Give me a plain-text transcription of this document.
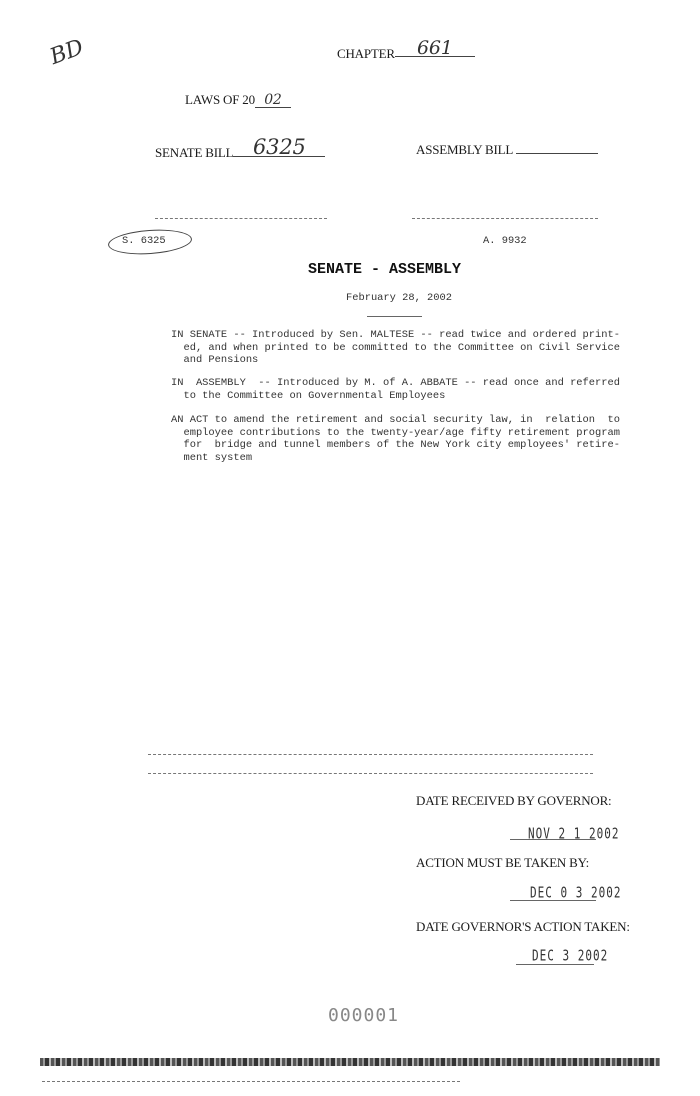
BD	CHAPTER 661
LAWS OF 20 02
SENATE BILL 6325	ASSEMBLY BILL
S. 6325	A. 9932
SENATE - ASSEMBLY
February 28, 2002
IN SENATE -- Introduced by Sen. MALTESE -- read twice and ordered print-
ed, and when printed to be committed to the Committee on Civil Service
and Pensions
IN  ASSEMBLY  -- Introduced by M. of A. ABBATE -- read once and referred
to the Committee on Governmental Employees
AN ACT to amend the retirement and social security law, in  relation  to
employee contributions to the twenty-year/age fifty retirement program
for  bridge and tunnel members of the New York city employees' retire-
ment system
DATE RECEIVED BY GOVERNOR:
NOV 2 1 2002
ACTION MUST BE TAKEN BY:
DEC 0 3 2002
DATE GOVERNOR'S ACTION TAKEN:
DEC 3 2002
000001
